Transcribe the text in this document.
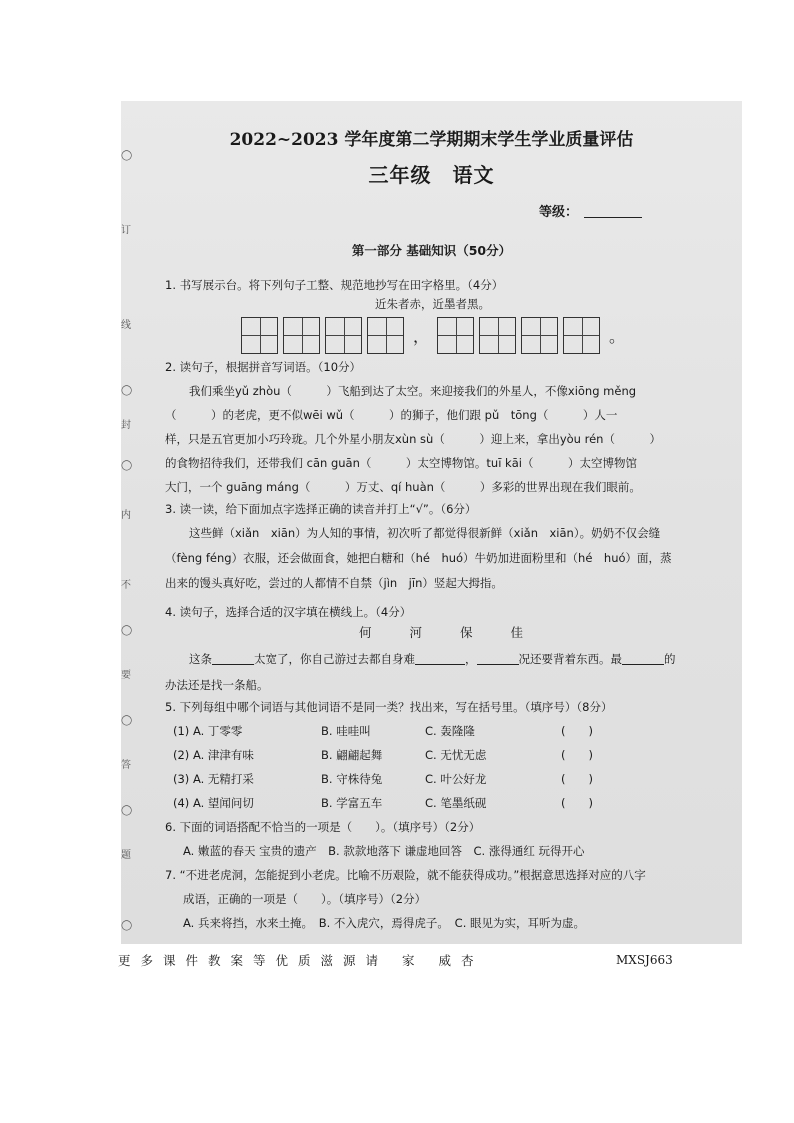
◯
订
线
◯
封
◯
内
不
◯
要
◯
答
◯
题
◯
2022~2023 学年度第二学期期末学生学业质量评估
三年级　语文
等级：
第一部分 基础知识（50分）
1. 书写展示台。将下列句子工整、规范地抄写在田字格里。（4分）
近朱者赤，近墨者黑。
，	。
2. 读句子，根据拼音写词语。（10分）
我们乘坐yǔ zhòu（　　　）飞船到达了太空。来迎接我们的外星人，不像xiōng měng
（　　　）的老虎，更不似wēi wǔ（　　　）的狮子，他们跟 pǔ　tōng（　　　）人一
样，只是五官更加小巧玲珑。几个外星小朋友xùn sù（　　　）迎上来，拿出yòu rén（　　　）
的食物招待我们，还带我们 cān guān（　　　）太空博物馆。tuī kāi（　　　）太空博物馆
大门，一个 guāng máng（　　　）万丈、qí huàn（　　　）多彩的世界出现在我们眼前。
3. 读一读，给下面加点字选择正确的读音并打上“√”。（6分）
这些鲜（xiǎn　xiān）为人知的事情，初次听了都觉得很新鲜（xiǎn　xiān）。奶奶不仅会缝
（fèng féng）衣服，还会做面食，她把白糖和（hé　huó）牛奶加进面粉里和（hé　huó）面，蒸
出来的馒头真好吃，尝过的人都情不自禁（jìn　jīn）竖起大拇指。
4. 读句子，选择合适的汉字填在横线上。（4分）
何	河	保	佳
这条	太宽了，你自己游过去都自身难	，	况还要背着东西。最	的
办法还是找一条船。
5. 下列每组中哪个词语与其他词语不是同一类？找出来，写在括号里。（填序号）（8分）
(1) A. 丁零零	B. 哇哇叫	C. 轰隆隆	(　　)
(2) A. 津津有味	B. 翩翩起舞	C. 无忧无虑	(　　)
(3) A. 无精打采	B. 守株待兔	C. 叶公好龙	(　　)
(4) A. 望闻问切	B. 学富五车	C. 笔墨纸砚	(　　)
6. 下面的词语搭配不恰当的一项是（　　）。（填序号）（2分）
A. 嫩蓝的春天 宝贵的遗产　B. 款款地落下 谦虚地回答　C. 涨得通红 玩得开心
7. “不进老虎洞，怎能捉到小老虎。比喻不历艰险，就不能获得成功。”根据意思选择对应的八字
成语，正确的一项是（　　）。（填序号）（2分）
A. 兵来将挡，水来土掩。　B. 不入虎穴，焉得虎子。　C. 眼见为实，耳听为虚。
更多课件教案等优质滋源请 家 威杏	MXSJ663
